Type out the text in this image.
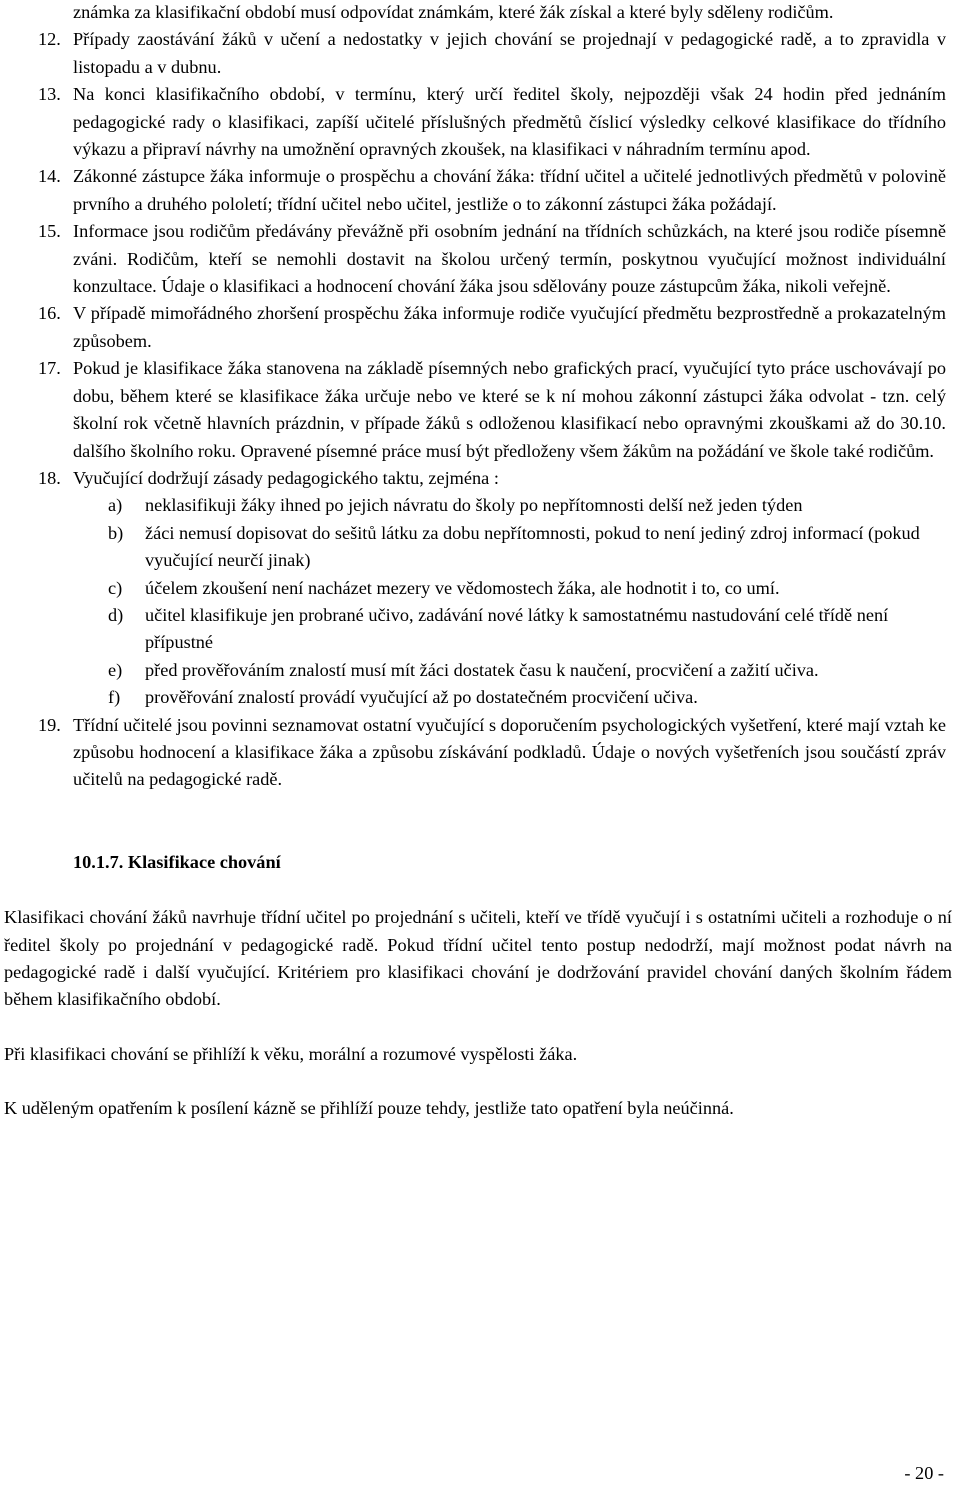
známka za klasifikační období musí odpovídat známkám, které žák získal a které byly sděleny rodičům.
12. Případy zaostávání žáků v učení a nedostatky v jejich chování se projednají v pedagogické radě, a to zpravidla v listopadu a v dubnu.
13. Na konci klasifikačního období, v termínu, který určí ředitel školy, nejpozději však 24 hodin před jednáním pedagogické rady o klasifikaci, zapíší učitelé příslušných předmětů číslicí výsledky celkové klasifikace do třídního výkazu a připraví návrhy na umožnění opravných zkoušek, na klasifikaci v náhradním termínu apod.
14. Zákonné zástupce žáka informuje o prospěchu a chování žáka: třídní učitel a učitelé jednotlivých předmětů v polovině prvního a druhého pololetí; třídní učitel nebo učitel, jestliže o to zákonní zástupci žáka požádají.
15. Informace jsou rodičům předávány převážně při osobním jednání na třídních schůzkách, na které jsou rodiče písemně zváni. Rodičům, kteří se nemohli dostavit na školou určený termín, poskytnou vyučující možnost individuální konzultace. Údaje o klasifikaci a hodnocení chování žáka jsou sdělovány pouze zástupcům žáka, nikoli veřejně.
16. V případě mimořádného zhoršení prospěchu žáka informuje rodiče vyučující předmětu bezprostředně a prokazatelným způsobem.
17. Pokud je klasifikace žáka stanovena na základě písemných nebo grafických prací, vyučující tyto práce uschovávají po dobu, během které se klasifikace žáka určuje nebo ve které se k ní mohou zákonní zástupci žáka odvolat - tzn. celý školní rok včetně hlavních prázdnin, v případe žáků s odloženou klasifikací nebo opravnými zkouškami až do 30.10. dalšího školního roku. Opravené písemné práce musí být předloženy všem žákům na požádání ve škole také rodičům.
18. Vyučující dodržují zásady pedagogického taktu, zejména :
a) neklasifikuji žáky ihned po jejich návratu do školy po nepřítomnosti delší než jeden týden
b) žáci nemusí dopisovat do sešitů látku za dobu nepřítomnosti, pokud to není jediný zdroj informací (pokud vyučující neurčí jinak)
c) účelem zkoušení není nacházet mezery ve vědomostech žáka, ale hodnotit i to, co umí.
d) učitel klasifikuje jen probrané učivo, zadávání nové látky k samostatnému nastudování celé třídě není přípustné
e) před prověřováním znalostí musí mít žáci dostatek času k naučení, procvičení a zažití učiva.
f) prověřování znalostí provádí vyučující až po dostatečném procvičení učiva.
19. Třídní učitelé jsou povinni seznamovat ostatní vyučující s doporučením psychologických vyšetření, které mají vztah ke způsobu hodnocení a klasifikace žáka a způsobu získávání podkladů. Údaje o nových vyšetřeních jsou součástí zpráv učitelů na pedagogické radě.
10.1.7. Klasifikace chování

Klasifikaci chování žáků navrhuje třídní učitel po projednání s učiteli, kteří ve třídě vyučují i s ostatními učiteli a rozhoduje o ní ředitel školy po projednání v pedagogické radě. Pokud třídní učitel tento postup nedodrží, mají možnost podat návrh na pedagogické radě i další vyučující. Kritériem pro klasifikaci chování je dodržování pravidel chování daných školním řádem během klasifikačního období.

Při klasifikaci chování se přihlíží k věku, morální a rozumové vyspělosti žáka.

K uděleným opatřením k posílení kázně se přihlíží pouze tehdy, jestliže tato opatření byla neúčinná.

- 20 -
